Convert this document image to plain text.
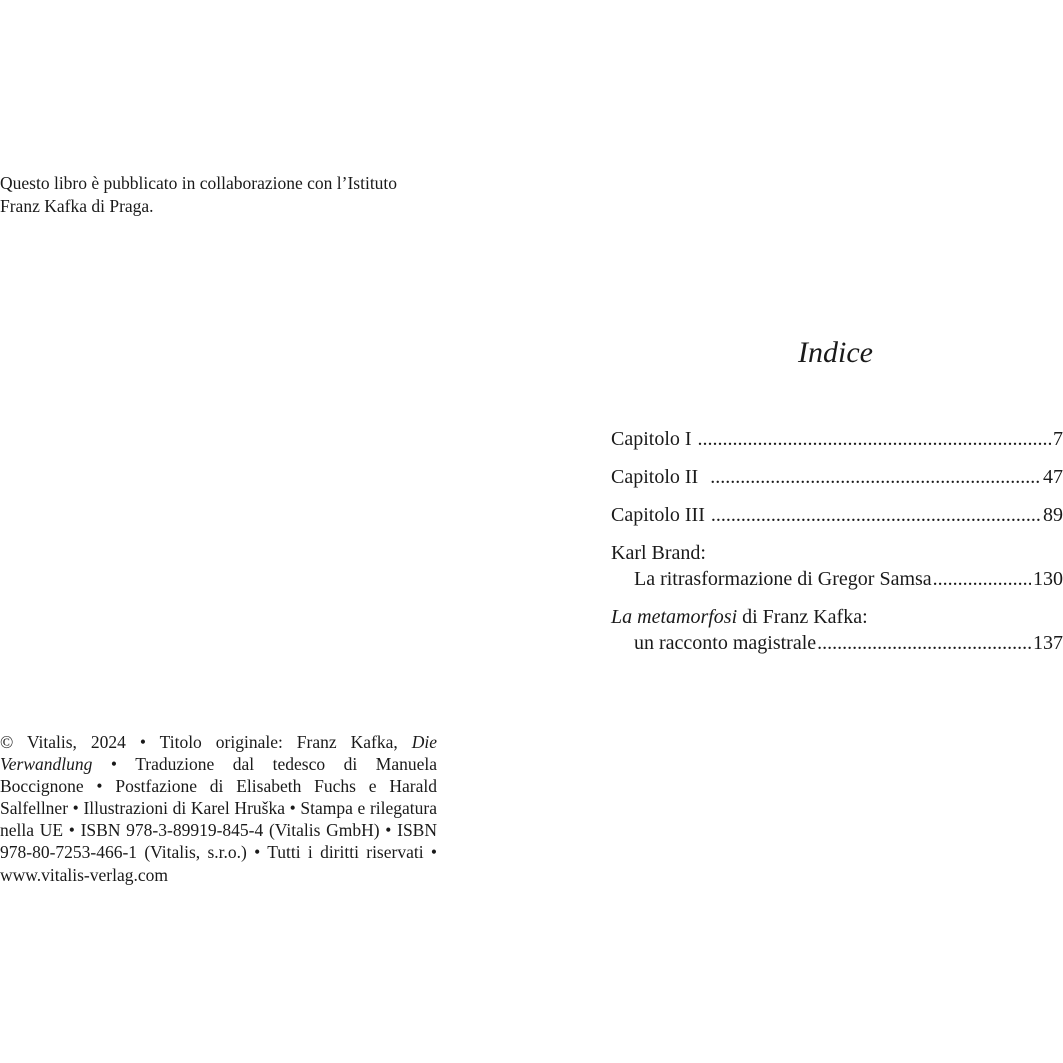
Questo libro è pubblicato in collaborazione con l’Istituto
Franz Kafka di Praga.

Indice
Capitolo I .....	7
Capitolo II .....	47
Capitolo III .....	89
Karl Brand:
La ritrasformazione di Gregor Samsa .....	130
La metamorfosi di Franz Kafka:
un racconto magistrale .....	137

© Vitalis, 2024 • Titolo originale: Franz Kafka, Die Verwandlung • Traduzione dal tedesco di Manuela Boccignone • Postfazione di Elisabeth Fuchs e Harald Salfellner • Illustrazioni di Karel Hruška • Stampa e rilegatura nella UE • ISBN 978-3-89919-845-4 (Vitalis GmbH) • ISBN 978-80-7253-466-1 (Vitalis, s.r.o.) • Tutti i diritti riservati • www.vitalis-verlag.com
